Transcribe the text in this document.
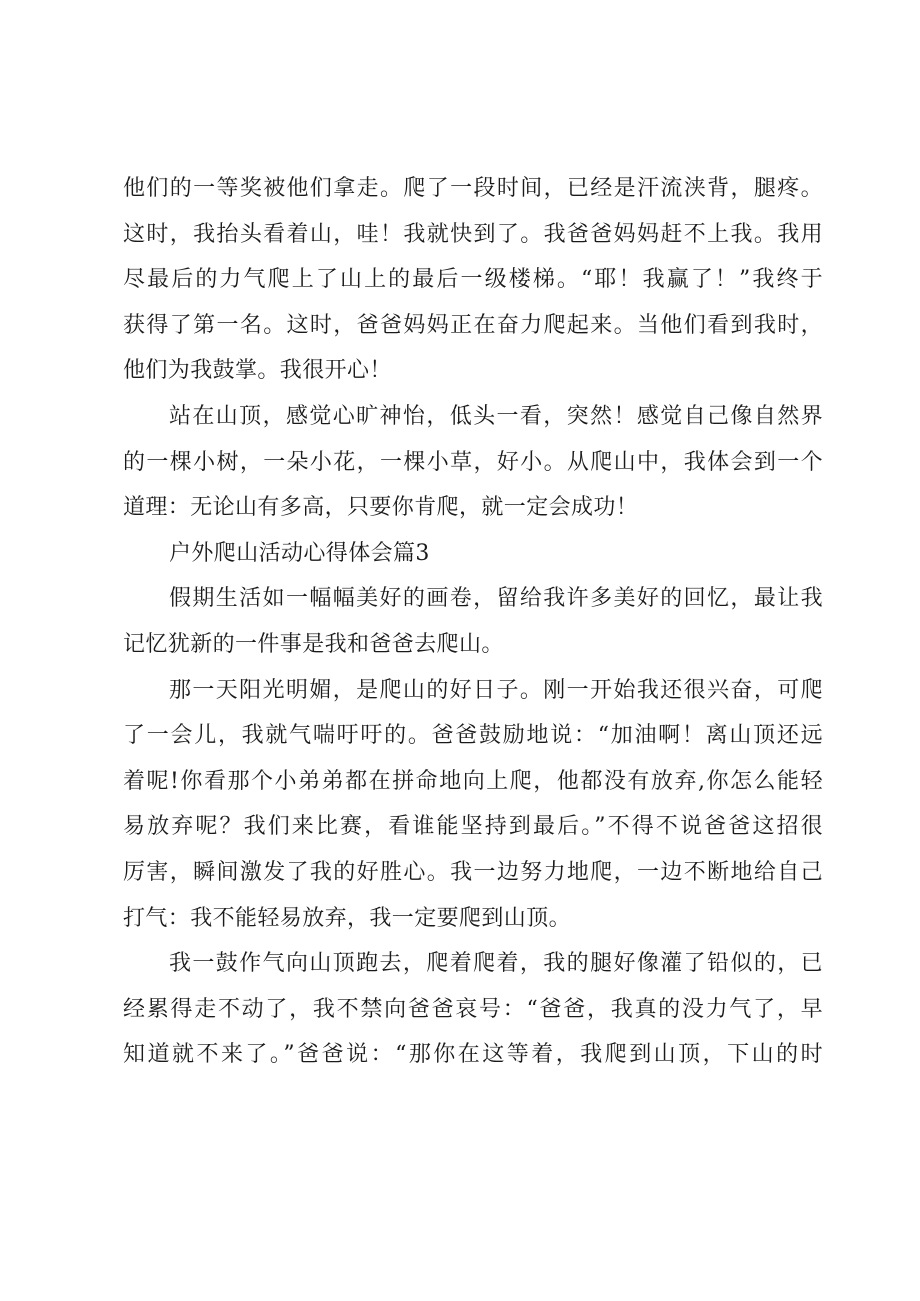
他们的一等奖被他们拿走。爬了一段时间，已经是汗流浃背，腿疼。
这时，我抬头看着山，哇！我就快到了。我爸爸妈妈赶不上我。我用
尽最后的力气爬上了山上的最后一级楼梯。“耶！我赢了！”我终于
获得了第一名。这时，爸爸妈妈正在奋力爬起来。当他们看到我时，
他们为我鼓掌。我很开心！
站在山顶，感觉心旷神怡，低头一看，突然！感觉自己像自然界
的一棵小树，一朵小花，一棵小草，好小。从爬山中，我体会到一个
道理：无论山有多高，只要你肯爬，就一定会成功！
户外爬山活动心得体会篇3
假期生活如一幅幅美好的画卷，留给我许多美好的回忆，最让我
记忆犹新的一件事是我和爸爸去爬山。
那一天阳光明媚，是爬山的好日子。刚一开始我还很兴奋，可爬
了一会儿，我就气喘吁吁的。爸爸鼓励地说：“加油啊！离山顶还远
着呢!你看那个小弟弟都在拼命地向上爬，他都没有放弃,你怎么能轻
易放弃呢？我们来比赛，看谁能坚持到最后。”不得不说爸爸这招很
厉害，瞬间激发了我的好胜心。我一边努力地爬，一边不断地给自己
打气：我不能轻易放弃，我一定要爬到山顶。
我一鼓作气向山顶跑去，爬着爬着，我的腿好像灌了铅似的，已
经累得走不动了，我不禁向爸爸哀号：“爸爸，我真的没力气了，早
知道就不来了。”爸爸说：“那你在这等着，我爬到山顶，下山的时
